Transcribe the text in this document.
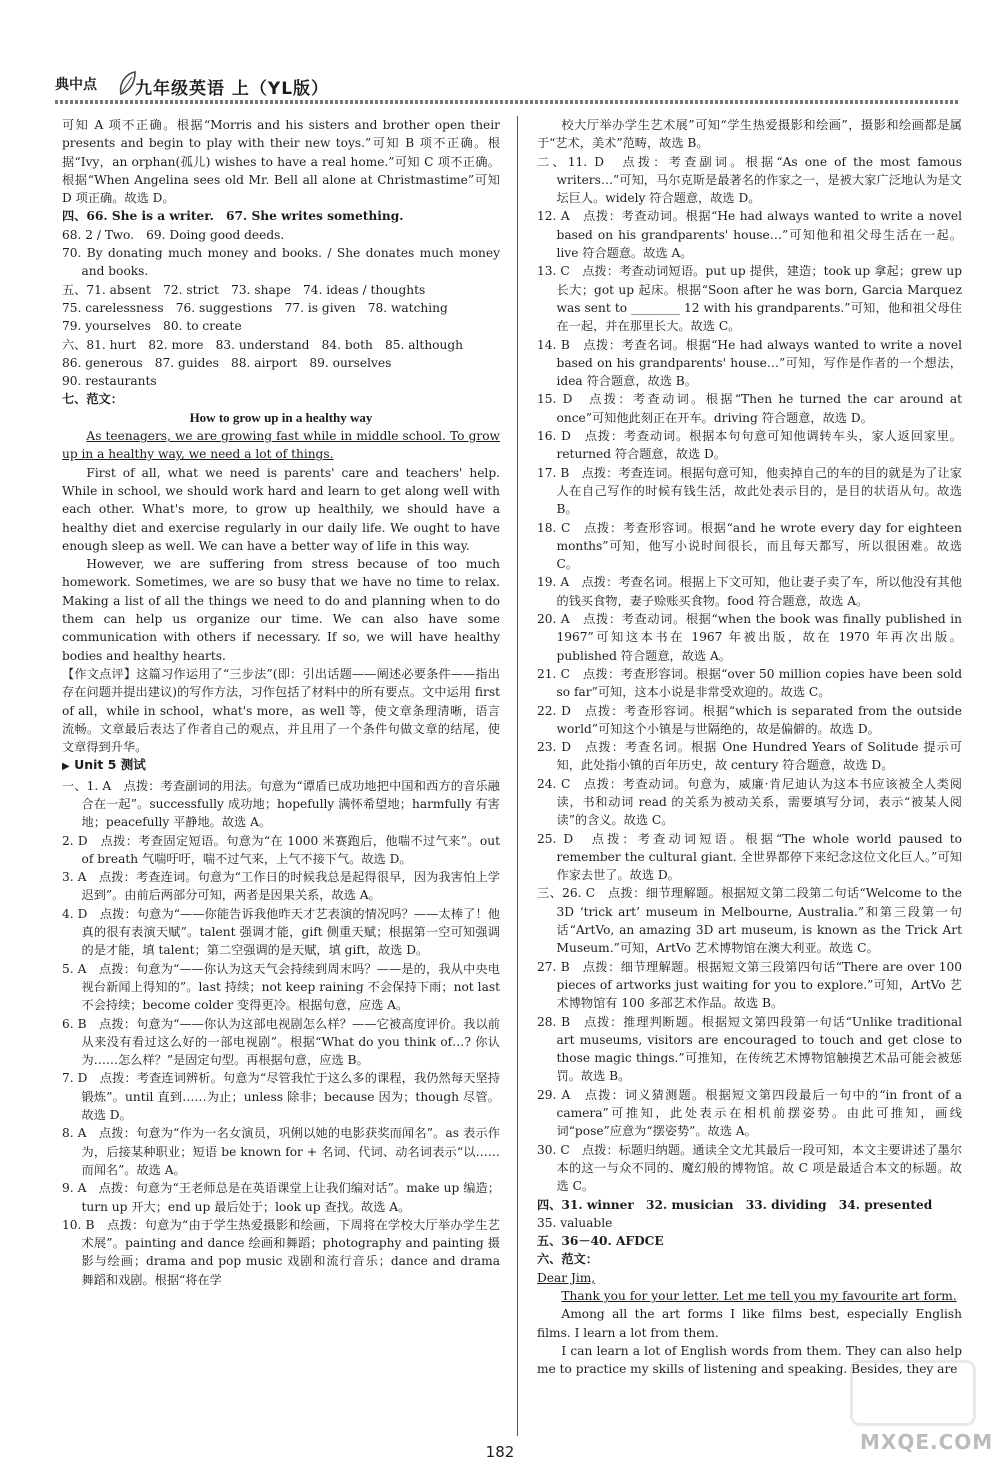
典中点 九年级英语 上（YL版）

可知 A 项不正确。根据“Morris and his sisters and brother open their presents and begin to play with their new toys.”可知 B 项不正确。根据“Ivy，an orphan(孤儿) wishes to have a real home.”可知 C 项不正确。根据“When Angelina sees old Mr. Bell all alone at Christmastime”可知 D 项正确。故选 D。

四、66. She is a writer.　67. She writes something.

68. 2 / Two.　69. Doing good deeds.

70. By donating much money and books. / She donates much money and books.

五、71. absent　72. strict　73. shape　74. ideas / thoughts

75. carelessness　76. suggestions　77. is given　78. watching

79. yourselves　80. to create

六、81. hurt　82. more　83. understand　84. both　85. although

86. generous　87. guides　88. airport　89. ourselves

90. restaurants

七、范文：

How to grow up in a healthy way

As teenagers, we are growing fast while in middle school. To grow up in a healthy way, we need a lot of things.

First of all, what we need is parents' care and teachers' help. While in school, we should work hard and learn to get along well with each other. What's more, to grow up healthily, we should have a healthy diet and exercise regularly in our daily life. We ought to have enough sleep as well. We can have a better way of life in this way.

However, we are suffering from stress because of too much homework. Sometimes, we are so busy that we have no time to relax. Making a list of all the things we need to do and planning when to do them can help us organize our time. We can also have some communication with others if necessary. If so, we will have healthy bodies and healthy hearts.

【作文点评】这篇习作运用了“三步法”(即：引出话题——阐述必要条件——指出存在问题并提出建议)的写作方法，习作包括了材料中的所有要点。文中运用 first of all，while in school，what's more，as well 等，使文章条理清晰，语言流畅。文章最后表达了作者自己的观点，并且用了一个条件句做文章的结尾，使文章得到升华。

▶ Unit 5 测试

一、1. A　点拨：考查副词的用法。句意为“谭盾已成功地把中国和西方的音乐融合在一起”。successfully 成功地；hopefully 满怀希望地；harmfully 有害地；peacefully 平静地。故选 A。

2. D　点拨：考查固定短语。句意为“在 1000 米赛跑后，他喘不过气来”。out of breath 气喘吁吁，喘不过气来，上气不接下气。故选 D。

3. A　点拨：考查连词。句意为“工作日的时候我总是起得很早，因为我害怕上学迟到”。由前后两部分可知，两者是因果关系，故选 A。

4. D　点拨：句意为“——你能告诉我他昨天才艺表演的情况吗？——太棒了！他真的很有表演天赋”。talent 强调才能，gift 侧重天赋；根据第一空可知强调的是才能，填 talent；第二空强调的是天赋，填 gift，故选 D。

5. A　点拨：句意为“——你认为这天气会持续到周末吗？——是的，我从中央电视台新闻上得知的”。last 持续；not keep raining 不会保持下雨；not last 不会持续；become colder 变得更冷。根据句意，应选 A。

6. B　点拨：句意为“——你认为这部电视剧怎么样？——它被高度评价。我以前从来没有看过这么好的一部电视剧”。根据“What do you think of…? 你认为……怎么样？”是固定句型。再根据句意，应选 B。

7. D　点拨：考查连词辨析。句意为“尽管我忙于这么多的课程，我仍然每天坚持锻炼”。until 直到……为止；unless 除非；because 因为；though 尽管。故选 D。

8. A　点拨：句意为“作为一名女演员，巩俐以她的电影获奖而闻名”。as 表示作为，后接某种职业；短语 be known for + 名词、代词、动名词表示“以……而闻名”。故选 A。

9. A　点拨：句意为“王老师总是在英语课堂上让我们编对话”。make up 编造；turn up 开大；end up 最后处于；look up 查找。故选 A。

10. B　点拨：句意为“由于学生热爱摄影和绘画，下周将在学校大厅举办学生艺术展”。painting and dance 绘画和舞蹈；photography and painting 摄影与绘画；drama and pop music 戏剧和流行音乐；dance and drama 舞蹈和戏剧。根据“将在学

校大厅举办学生艺术展”可知“学生热爱摄影和绘画”，摄影和绘画都是属于“艺术，美术”范畴，故选 B。

二、11. D　点拨：考查副词。根据“As one of the most famous writers…”可知，马尔克斯是最著名的作家之一，是被大家广泛地认为是文坛巨人。widely 符合题意，故选 D。

12. A　点拨：考查动词。根据“He had always wanted to write a novel based on his grandparents' house…”可知他和祖父母生活在一起。live 符合题意。故选 A。

13. C　点拨：考查动词短语。put up 提供，建造；took up 拿起；grew up 长大；got up 起床。根据“Soon after he was born, Garcia Marquez was sent to ________ 12 with his grandparents.”可知，他和祖父母住在一起，并在那里长大。故选 C。

14. B　点拨：考查名词。根据“He had always wanted to write a novel based on his grandparents' house…”可知，写作是作者的一个想法，idea 符合题意，故选 B。

15. D　点拨：考查动词。根据“Then he turned the car around at once”可知他此刻正在开车。driving 符合题意，故选 D。

16. D　点拨：考查动词。根据本句句意可知他调转车头，家人返回家里。returned 符合题意，故选 D。

17. B　点拨：考查连词。根据句意可知，他卖掉自己的车的目的就是为了让家人在自己写作的时候有钱生活，故此处表示目的，是目的状语从句。故选 B。

18. C　点拨：考查形容词。根据“and he wrote every day for eighteen months”可知，他写小说时间很长，而且每天都写，所以很困难。故选 C。

19. A　点拨：考查名词。根据上下文可知，他让妻子卖了车，所以他没有其他的钱买食物，妻子赊账买食物。food 符合题意，故选 A。

20. A　点拨：考查动词。根据“when the book was finally published in 1967”可知这本书在 1967 年被出版，故在 1970 年再次出版。published 符合题意，故选 A。

21. C　点拨：考查形容词。根据“over 50 million copies have been sold so far”可知，这本小说是非常受欢迎的。故选 C。

22. D　点拨：考查形容词。根据“which is separated from the outside world”可知这个小镇是与世隔绝的，故是偏僻的。故选 D。

23. D　点拨：考查名词。根据 One Hundred Years of Solitude 提示可知，此处指小镇的百年历史，故 century 符合题意，故选 D。

24. C　点拨：考查动词。句意为，威廉·肯尼迪认为这本书应该被全人类阅读，书和动词 read 的关系为被动关系，需要填写分词，表示“被某人阅读”的含义。故选 C。

25. D　点拨：考查动词短语。根据“The whole world paused to remember the cultural giant. 全世界都停下来纪念这位文化巨人。”可知作家去世了。故选 D。

三、26. C　点拨：细节理解题。根据短文第二段第二句话“Welcome to the 3D ‘trick art’ museum in Melbourne, Australia.”和第三段第一句话“ArtVo, an amazing 3D art museum, is known as the Trick Art Museum.”可知，ArtVo 艺术博物馆在澳大利亚。故选 C。

27. B　点拨：细节理解题。根据短文第三段第四句话“There are over 100 pieces of artworks just waiting for you to explore.”可知，ArtVo 艺术博物馆有 100 多部艺术作品。故选 B。

28. B　点拨：推理判断题。根据短文第四段第一句话“Unlike traditional art museums, visitors are encouraged to touch and get close to those magic things.”可推知，在传统艺术博物馆触摸艺术品可能会被惩罚。故选 B。

29. A　点拨：词义猜测题。根据短文第四段最后一句中的“in front of a camera”可推知，此处表示在相机前摆姿势。由此可推知，画线词“pose”应意为“摆姿势”。故选 A。

30. C　点拨：标题归纳题。通读全文尤其最后一段可知，本文主要讲述了墨尔本的这一与众不同的、魔幻般的博物馆。故 C 项是最适合本文的标题。故选 C。

四、31. winner　32. musician　33. dividing　34. presented

35. valuable

五、36－40. AFDCE

六、范文：

Dear Jim,

Thank you for your letter. Let me tell you my favourite art form.

Among all the art forms I like films best, especially English films. I learn a lot from them.

I can learn a lot of English words from them. They can also help me to practice my skills of listening and speaking. Besides, they are

MXQE.COM
182
